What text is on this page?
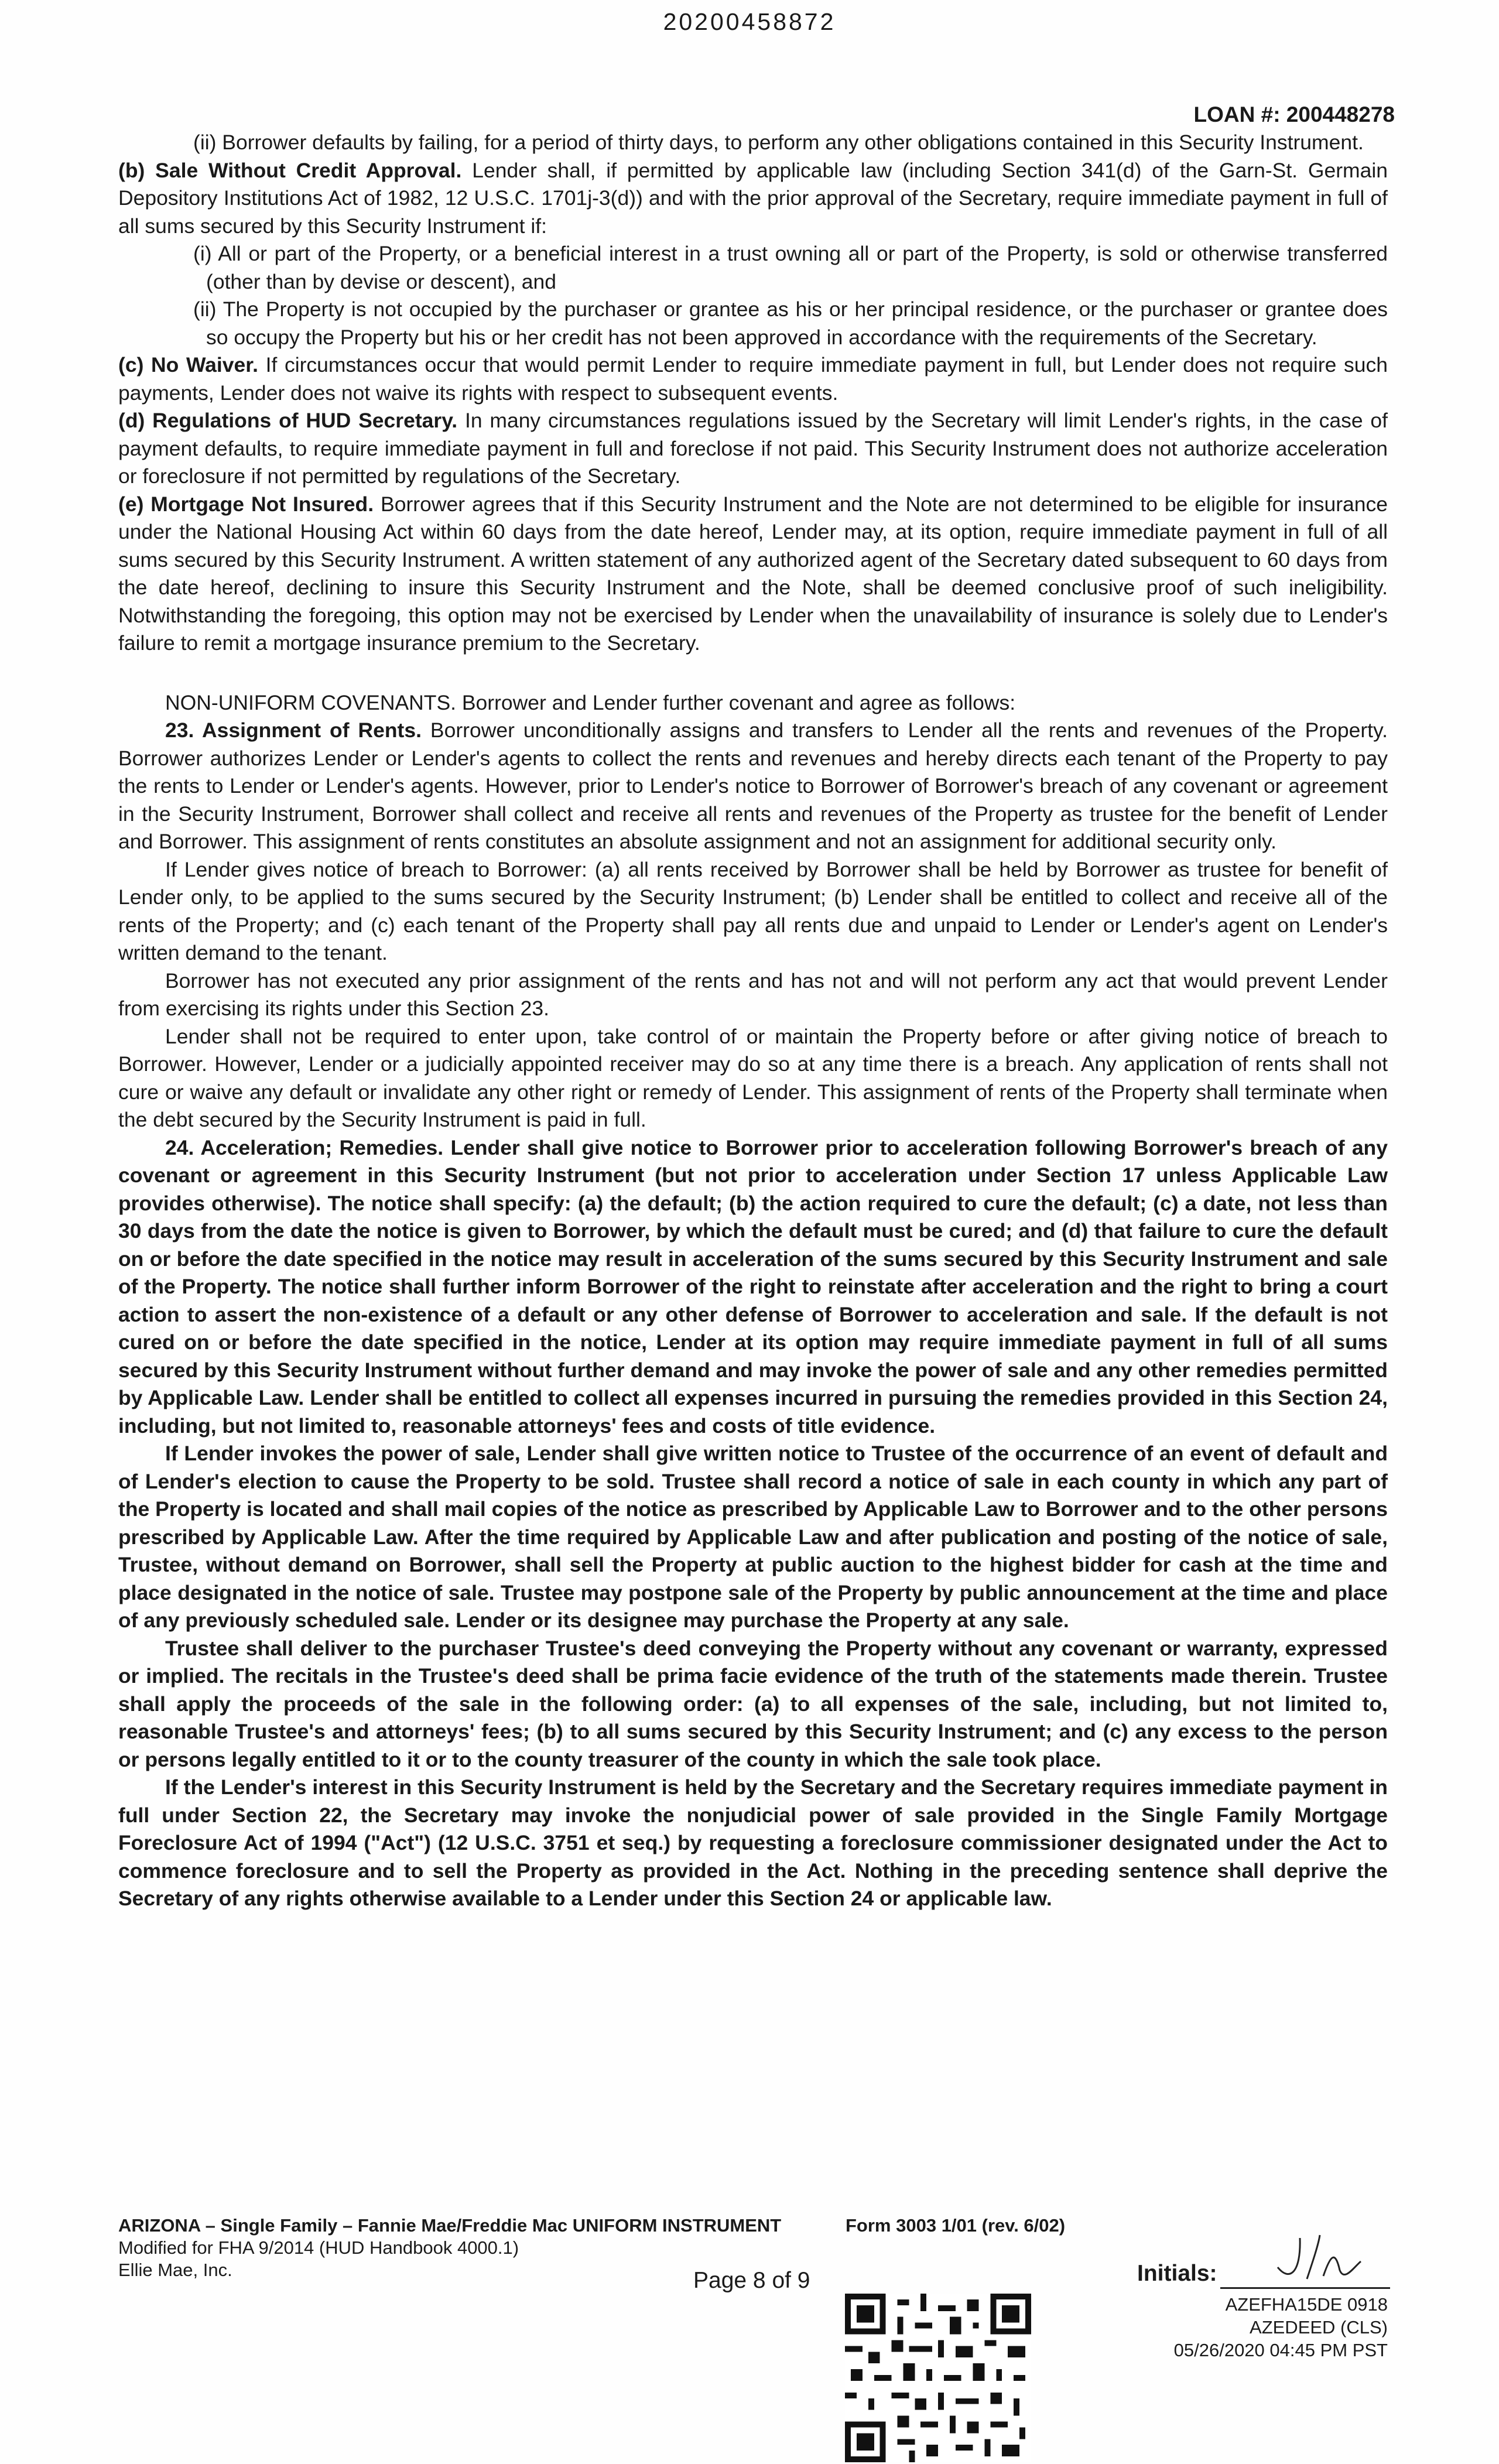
20200458872
LOAN #: 200448278

(ii) Borrower defaults by failing, for a period of thirty days, to perform any other obligations contained in this Security Instrument.

(b) Sale Without Credit Approval. Lender shall, if permitted by applicable law (including Section 341(d) of the Garn-St. Germain Depository Institutions Act of 1982, 12 U.S.C. 1701j-3(d)) and with the prior approval of the Secretary, require immediate payment in full of all sums secured by this Security Instrument if:

(i) All or part of the Property, or a beneficial interest in a trust owning all or part of the Property, is sold or otherwise transferred (other than by devise or descent), and

(ii) The Property is not occupied by the purchaser or grantee as his or her principal residence, or the purchaser or grantee does so occupy the Property but his or her credit has not been approved in accordance with the requirements of the Secretary.

(c) No Waiver. If circumstances occur that would permit Lender to require immediate payment in full, but Lender does not require such payments, Lender does not waive its rights with respect to subsequent events.

(d) Regulations of HUD Secretary. In many circumstances regulations issued by the Secretary will limit Lender's rights, in the case of payment defaults, to require immediate payment in full and foreclose if not paid. This Security Instrument does not authorize acceleration or foreclosure if not permitted by regulations of the Secretary.

(e) Mortgage Not Insured. Borrower agrees that if this Security Instrument and the Note are not determined to be eligible for insurance under the National Housing Act within 60 days from the date hereof, Lender may, at its option, require immediate payment in full of all sums secured by this Security Instrument. A written statement of any authorized agent of the Secretary dated subsequent to 60 days from the date hereof, declining to insure this Security Instrument and the Note, shall be deemed conclusive proof of such ineligibility. Notwithstanding the foregoing, this option may not be exercised by Lender when the unavailability of insurance is solely due to Lender's failure to remit a mortgage insurance premium to the Secretary.

NON-UNIFORM COVENANTS. Borrower and Lender further covenant and agree as follows:

23. Assignment of Rents. Borrower unconditionally assigns and transfers to Lender all the rents and revenues of the Property. Borrower authorizes Lender or Lender's agents to collect the rents and revenues and hereby directs each tenant of the Property to pay the rents to Lender or Lender's agents. However, prior to Lender's notice to Borrower of Borrower's breach of any covenant or agreement in the Security Instrument, Borrower shall collect and receive all rents and revenues of the Property as trustee for the benefit of Lender and Borrower. This assignment of rents constitutes an absolute assignment and not an assignment for additional security only.

If Lender gives notice of breach to Borrower: (a) all rents received by Borrower shall be held by Borrower as trustee for benefit of Lender only, to be applied to the sums secured by the Security Instrument; (b) Lender shall be entitled to collect and receive all of the rents of the Property; and (c) each tenant of the Property shall pay all rents due and unpaid to Lender or Lender's agent on Lender's written demand to the tenant.

Borrower has not executed any prior assignment of the rents and has not and will not perform any act that would prevent Lender from exercising its rights under this Section 23.

Lender shall not be required to enter upon, take control of or maintain the Property before or after giving notice of breach to Borrower. However, Lender or a judicially appointed receiver may do so at any time there is a breach. Any application of rents shall not cure or waive any default or invalidate any other right or remedy of Lender. This assignment of rents of the Property shall terminate when the debt secured by the Security Instrument is paid in full.

24. Acceleration; Remedies. Lender shall give notice to Borrower prior to acceleration following Borrower's breach of any covenant or agreement in this Security Instrument (but not prior to acceleration under Section 17 unless Applicable Law provides otherwise). The notice shall specify: (a) the default; (b) the action required to cure the default; (c) a date, not less than 30 days from the date the notice is given to Borrower, by which the default must be cured; and (d) that failure to cure the default on or before the date specified in the notice may result in acceleration of the sums secured by this Security Instrument and sale of the Property. The notice shall further inform Borrower of the right to reinstate after acceleration and the right to bring a court action to assert the non-existence of a default or any other defense of Borrower to acceleration and sale. If the default is not cured on or before the date specified in the notice, Lender at its option may require immediate payment in full of all sums secured by this Security Instrument without further demand and may invoke the power of sale and any other remedies permitted by Applicable Law. Lender shall be entitled to collect all expenses incurred in pursuing the remedies provided in this Section 24, including, but not limited to, reasonable attorneys' fees and costs of title evidence.

If Lender invokes the power of sale, Lender shall give written notice to Trustee of the occurrence of an event of default and of Lender's election to cause the Property to be sold. Trustee shall record a notice of sale in each county in which any part of the Property is located and shall mail copies of the notice as prescribed by Applicable Law to Borrower and to the other persons prescribed by Applicable Law. After the time required by Applicable Law and after publication and posting of the notice of sale, Trustee, without demand on Borrower, shall sell the Property at public auction to the highest bidder for cash at the time and place designated in the notice of sale. Trustee may postpone sale of the Property by public announcement at the time and place of any previously scheduled sale. Lender or its designee may purchase the Property at any sale.

Trustee shall deliver to the purchaser Trustee's deed conveying the Property without any covenant or warranty, expressed or implied. The recitals in the Trustee's deed shall be prima facie evidence of the truth of the statements made therein. Trustee shall apply the proceeds of the sale in the following order: (a) to all expenses of the sale, including, but not limited to, reasonable Trustee's and attorneys' fees; (b) to all sums secured by this Security Instrument; and (c) any excess to the person or persons legally entitled to it or to the county treasurer of the county in which the sale took place.

If the Lender's interest in this Security Instrument is held by the Secretary and the Secretary requires immediate payment in full under Section 22, the Secretary may invoke the nonjudicial power of sale provided in the Single Family Mortgage Foreclosure Act of 1994 ("Act") (12 U.S.C. 3751 et seq.) by requesting a foreclosure commissioner designated under the Act to commence foreclosure and to sell the Property as provided in the Act. Nothing in the preceding sentence shall deprive the Secretary of any rights otherwise available to a Lender under this Section 24 or applicable law.

ARIZONA – Single Family – Fannie Mae/Freddie Mac UNIFORM INSTRUMENT
Modified for FHA 9/2014 (HUD Handbook 4000.1)
Ellie Mae, Inc.
Form 3003 1/01 (rev. 6/02)
Page 8 of 9	Initials:
AZEFHA15DE 0918
AZEDEED (CLS)
05/26/2020 04:45 PM PST
